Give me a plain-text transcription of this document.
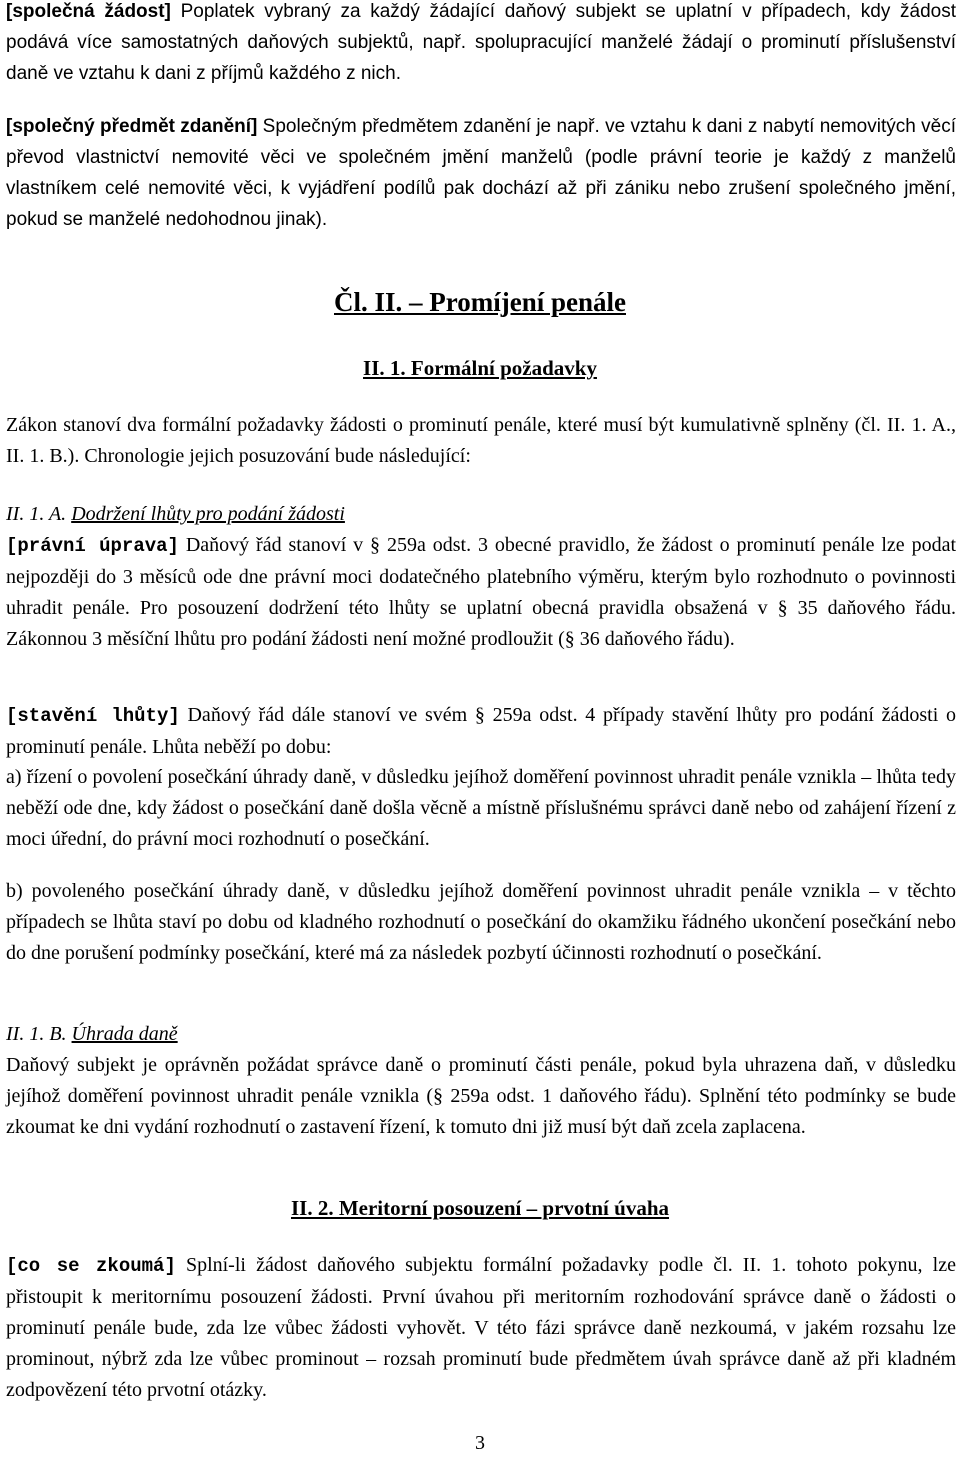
[společná žádost] Poplatek vybraný za každý žádající daňový subjekt se uplatní v případech, kdy žádost podává více samostatných daňových subjektů, např. spolupracující manželé žádají o prominutí příslušenství daně ve vztahu k dani z příjmů každého z nich.

[společný předmět zdanění] Společným předmětem zdanění je např. ve vztahu k dani z nabytí nemovitých věcí převod vlastnictví nemovité věci ve společném jmění manželů (podle právní teorie je každý z manželů vlastníkem celé nemovité věci, k vyjádření podílů pak dochází až při zániku nebo zrušení společného jmění, pokud se manželé nedohodnou jinak).

Čl. II. – Promíjení penále
II. 1. Formální požadavky

Zákon stanoví dva formální požadavky žádosti o prominutí penále, které musí být kumulativně splněny (čl. II. 1. A., II. 1. B.). Chronologie jejich posuzování bude následující:

II. 1. A. Dodržení lhůty pro podání žádosti

[právní úprava] Daňový řád stanoví v § 259a odst. 3 obecné pravidlo, že žádost o prominutí penále lze podat nejpozději do 3 měsíců ode dne právní moci dodatečného platebního výměru, kterým bylo rozhodnuto o povinnosti uhradit penále. Pro posouzení dodržení této lhůty se uplatní obecná pravidla obsažená v § 35 daňového řádu. Zákonnou 3 měsíční lhůtu pro podání žádosti není možné prodloužit (§ 36 daňového řádu).

[stavění lhůty] Daňový řád dále stanoví ve svém § 259a odst. 4 případy stavění lhůty pro podání žádosti o prominutí penále. Lhůta neběží po dobu:

a) řízení o povolení posečkání úhrady daně, v důsledku jejíhož doměření povinnost uhradit penále vznikla – lhůta tedy neběží ode dne, kdy žádost o posečkání daně došla věcně a místně příslušnému správci daně nebo od zahájení řízení z moci úřední, do právní moci rozhodnutí o posečkání.

b) povoleného posečkání úhrady daně, v důsledku jejíhož doměření povinnost uhradit penále vznikla – v těchto případech se lhůta staví po dobu od kladného rozhodnutí o posečkání do okamžiku řádného ukončení posečkání nebo do dne porušení podmínky posečkání, které má za následek pozbytí účinnosti rozhodnutí o posečkání.

II. 1. B. Úhrada daně

Daňový subjekt je oprávněn požádat správce daně o prominutí části penále, pokud byla uhrazena daň, v důsledku jejíhož doměření povinnost uhradit penále vznikla (§ 259a odst. 1 daňového řádu). Splnění této podmínky se bude zkoumat ke dni vydání rozhodnutí o zastavení řízení, k tomuto dni již musí být daň zcela zaplacena.

II. 2. Meritorní posouzení – prvotní úvaha

[co se zkoumá] Splní-li žádost daňového subjektu formální požadavky podle čl. II. 1. tohoto pokynu, lze přistoupit k meritornímu posouzení žádosti. První úvahou při meritorním rozhodování správce daně o žádosti o prominutí penále bude, zda lze vůbec žádosti vyhovět. V této fázi správce daně nezkoumá, v jakém rozsahu lze prominout, nýbrž zda lze vůbec prominout – rozsah prominutí bude předmětem úvah správce daně až při kladném zodpovězení této prvotní otázky.

3
